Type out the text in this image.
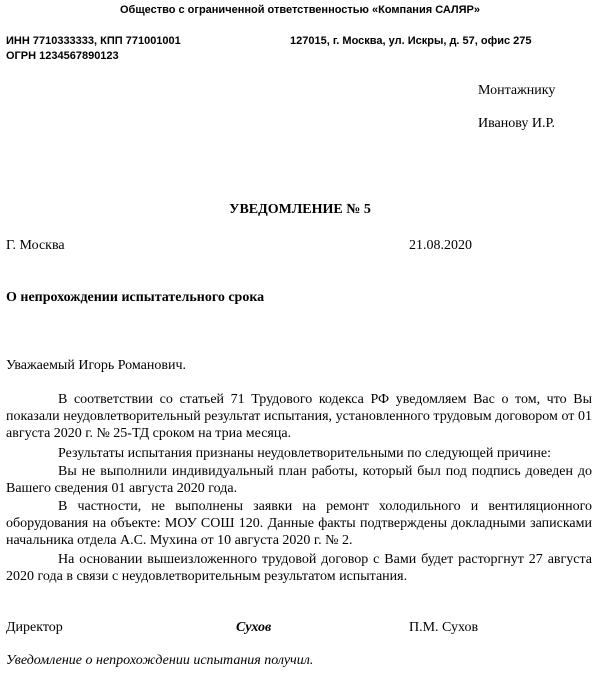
Общество с ограниченной ответственностью «Компания САЛЯР»
ИНН 7710333333, КПП 771001001	127015, г. Москва, ул. Искры, д. 57, офис 275
ОГРН 1234567890123
Монтажнику
Иванову И.Р.
УВЕДОМЛЕНИЕ № 5
Г. Москва	21.08.2020
О непрохождении испытательного срока
Уважаемый Игорь Романович.
В соответствии со статьей 71 Трудового кодекса РФ уведомляем Вас о том, что Вы показали неудовлетворительный результат испытания, установленного трудовым договором от 01 августа 2020 г. № 25-ТД сроком на триа месяца.
Результаты испытания признаны неудовлетворительными по следующей причине:
Вы не выполнили индивидуальный план работы, который был под подпись доведен до Вашего сведения 01 августа 2020 года.
В частности, не выполнены заявки на ремонт холодильного и вентиляционного оборудования на объекте: МОУ СОШ 120. Данные факты подтверждены докладными записками начальника отдела А.С. Мухина от 10 августа 2020 г. № 2.
На основании вышеизложенного трудовой договор с Вами будет расторгнут 27 августа 2020 года в связи с неудовлетворительным результатом испытания.
Директор	Сухов	П.М. Сухов
Уведомление о непрохождении испытания получил.
